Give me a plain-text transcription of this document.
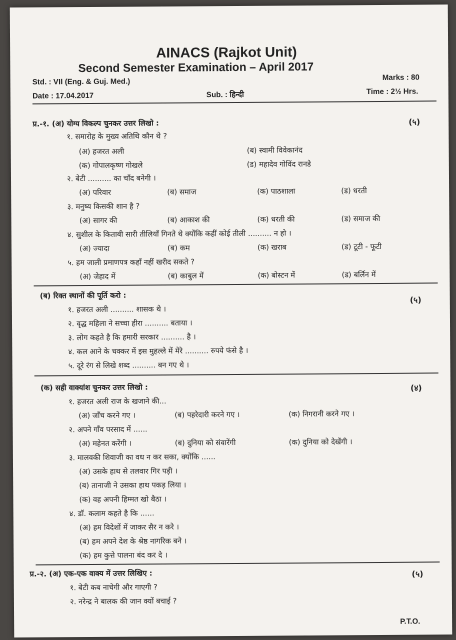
AINACS (Rajkot Unit)
Second Semester Examination – April 2017
Std. : VII (Eng. & Guj. Med.)	Marks : 80
Date : 17.04.2017	Sub. : हिन्दी	Time : 2½ Hrs.
प्र.-१. (अ) योग्य विकल्प चुनकर उत्तर लिखो :	(५)
१. समारोह के मुख्य अतिथि कौन थे ?
(अ) हजरत अली	(ब) स्वामी विवेकानंद
(क) गोपालकृष्ण गोखले	(ड) महादेव गोविंद रानडे
२. बेटी .......... का चाँद बनेगी ।
(अ) परिवार	(ब) समाज	(क) पाठशाला	(ड) धरती
३. मनुष्य किसकी शान है ?
(अ) सागर की	(ब) आकाश की	(क) धरती की	(ड) समाज की
४. सुशील के किताबी सारी तीलियाँ गिनते थे क्योंकि कहीं कोई तीली .......... न हो ।
(अ) ज्यादा	(ब) कम	(क) खराब	(ड) टूटी - फूटी
५. हम जाली प्रमाणपत्र कहाँ नहीं खरीद सकते ?
(अ) जेहाद में	(ब) काबुल में	(क) बोस्टन में	(ड) बर्लिन में
(ब) रिक्त स्थानों की पूर्ति करो :	(५)
१. हजरत अली .......... शासक थे ।
२. वृद्ध महिला ने सच्चा हीरा .......... बताया ।
३. लोग कहते है कि हमारी सरकार .......... है ।
४. कल आने के चक्कर में इस मुहल्ले में मेरे .......... रुपये फंसे है ।
५. दूरे रंग से लिखे शब्द .......... बन गए थे ।
(क) सही वाक्यांश चुनकर उत्तर लिखो :	(४)
१. हजरत अली राज के खजाने की...
(अ) जाँच करने गए ।	(ब) पहरेदारी करने गए ।	(क) निगरानी करने गए ।
२. अपने गाँव परसाद में ......
(अ) महेनत करेंगी ।	(ब) दुनिया को संवारेंगी	(क) दुनिया को देखेंगी ।
३. मालवकी शिवाजी का वध न कर सका, क्योंकि ......
(अ) उसके हाथ से तलवार गिर पड़ी ।
(ब) तानाजी ने उसका हाथ पकड़ लिया ।
(क) वह अपनी हिम्मत खो बैठा ।
४. डॉ. कलाम कहते है कि ......
(अ) हम विदेशों में जाकर सैर न करे ।
(ब) हम अपने देश के श्रेष्ठ नागरिक बने ।
(क) हम कुत्ते पालना बंद कर दे ।
प्र.-२. (अ) एक-एक वाक्य में उत्तर लिखिए :	(५)
१. बेटी कब नाचेगी और गाएगी ?
२. नरेन्द्र ने बालक की जान क्यों बचाई ?
P.T.O.
